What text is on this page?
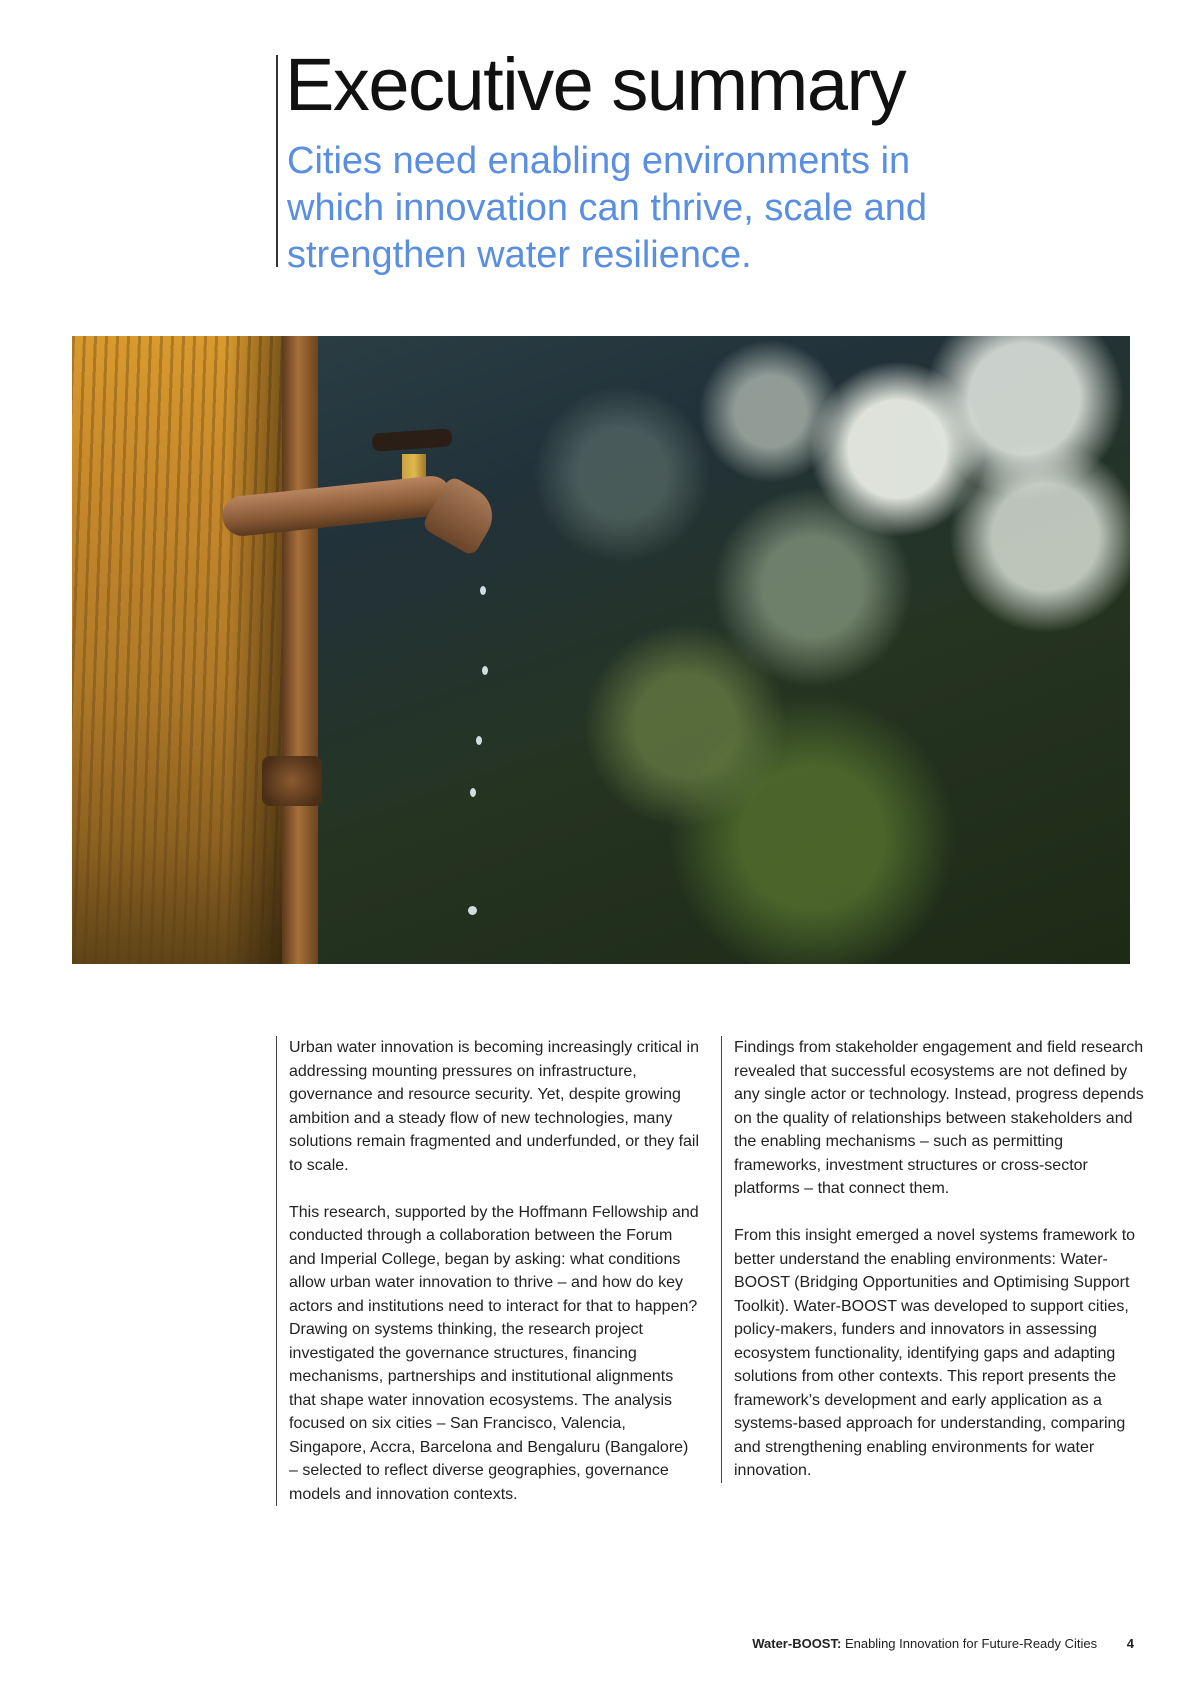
Executive summary
Cities need enabling environments in which innovation can thrive, scale and strengthen water resilience.

Urban water innovation is becoming increasingly critical in addressing mounting pressures on infrastructure, governance and resource security. Yet, despite growing ambition and a steady flow of new technologies, many solutions remain fragmented and underfunded, or they fail to scale.

This research, supported by the Hoffmann Fellowship and conducted through a collaboration between the Forum and Imperial College, began by asking: what conditions allow urban water innovation to thrive – and how do key actors and institutions need to interact for that to happen? Drawing on systems thinking, the research project investigated the governance structures, financing mechanisms, partnerships and institutional alignments that shape water innovation ecosystems. The analysis focused on six cities – San Francisco, Valencia, Singapore, Accra, Barcelona and Bengaluru (Bangalore) – selected to reflect diverse geographies, governance models and innovation contexts.

Findings from stakeholder engagement and field research revealed that successful ecosystems are not defined by any single actor or technology. Instead, progress depends on the quality of relationships between stakeholders and the enabling mechanisms – such as permitting frameworks, investment structures or cross-sector platforms – that connect them.

From this insight emerged a novel systems framework to better understand the enabling environments: Water-BOOST (Bridging Opportunities and Optimising Support Toolkit). Water-BOOST was developed to support cities, policy-makers, funders and innovators in assessing ecosystem functionality, identifying gaps and adapting solutions from other contexts. This report presents the framework’s development and early application as a systems-based approach for understanding, comparing and strengthening enabling environments for water innovation.

Water-BOOST: Enabling Innovation for Future-Ready Cities 4
